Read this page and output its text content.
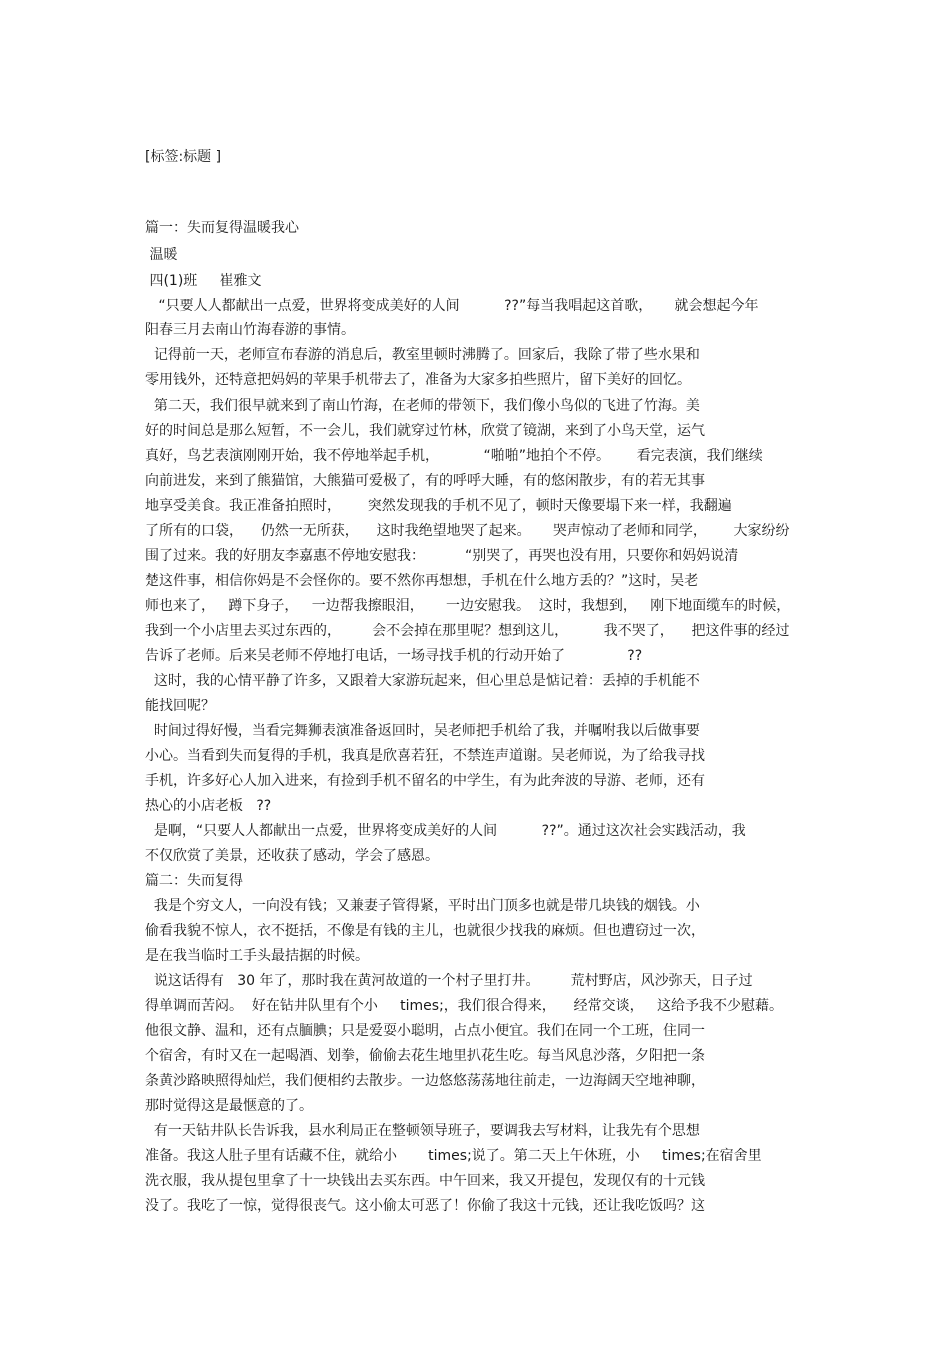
[标签:标题 ]

篇一：失而复得温暖我心

温暖

四(1)班     崔雅文

“只要人人都献出一点爱，世界将变成美好的人间          ??”每当我唱起这首歌，     就会想起今年

阳春三月去南山竹海春游的事情。

记得前一天，老师宣布春游的消息后，教室里顿时沸腾了。回家后，我除了带了些水果和

零用钱外，还特意把妈妈的苹果手机带去了，准备为大家多拍些照片，留下美好的回忆。

第二天，我们很早就来到了南山竹海，在老师的带领下，我们像小鸟似的飞进了竹海。美

好的时间总是那么短暂，不一会儿，我们就穿过竹林，欣赏了镜湖，来到了小鸟天堂，运气

真好，鸟艺表演刚刚开始，我不停地举起手机，          “啪啪”地拍个不停。      看完表演，我们继续

向前进发，来到了熊猫馆，大熊猫可爱极了，有的呼呼大睡，有的悠闲散步，有的若无其事

地享受美食。我正准备拍照时，      突然发现我的手机不见了，顿时天像要塌下来一样，我翻遍

了所有的口袋，    仍然一无所获，    这时我绝望地哭了起来。     哭声惊动了老师和同学，      大家纷纷

围了过来。我的好朋友李嘉惠不停地安慰我：         “别哭了，再哭也没有用，只要你和妈妈说清

楚这件事，相信你妈是不会怪你的。要不然你再想想，手机在什么地方丢的？”这时，吴老

师也来了，   蹲下身子，   一边帮我擦眼泪，     一边安慰我。  这时，我想到，   刚下地面缆车的时候，

我到一个小店里去买过东西的，       会不会掉在那里呢？想到这儿，        我不哭了，    把这件事的经过

告诉了老师。后来吴老师不停地打电话，一场寻找手机的行动开始了              ??

这时，我的心情平静了许多，又跟着大家游玩起来，但心里总是惦记着：丢掉的手机能不

能找回呢？

时间过得好慢，当看完舞狮表演准备返回时，吴老师把手机给了我，并嘱咐我以后做事要

小心。当看到失而复得的手机，我真是欣喜若狂，不禁连声道谢。吴老师说，为了给我寻找

手机，许多好心人加入进来，有捡到手机不留名的中学生，有为此奔波的导游、老师，还有

热心的小店老板   ??

是啊，“只要人人都献出一点爱，世界将变成美好的人间          ??”。通过这次社会实践活动，我

不仅欣赏了美景，还收获了感动，学会了感恩。

篇二：失而复得

我是个穷文人，一向没有钱；又兼妻子管得紧，平时出门顶多也就是带几块钱的烟钱。小

偷看我貌不惊人，衣不挺括，不像是有钱的主儿，也就很少找我的麻烦。但也遭窃过一次，

是在我当临时工手头最拮据的时候。

说这话得有   30 年了，那时我在黄河故道的一个村子里打井。       荒村野店，风沙弥天，日子过

得单调而苦闷。  好在钻井队里有个小     times;，我们很合得来，    经常交谈，   这给予我不少慰藉。

他很文静、温和，还有点腼腆；只是爱耍小聪明，占点小便宜。我们在同一个工班，住同一

个宿舍，有时又在一起喝酒、划拳，偷偷去花生地里扒花生吃。每当风息沙落，夕阳把一条

条黄沙路映照得灿烂，我们便相约去散步。一边悠悠荡荡地往前走，一边海阔天空地神聊，

那时觉得这是最惬意的了。

有一天钻井队长告诉我，县水利局正在整顿领导班子，要调我去写材料，让我先有个思想

准备。我这人肚子里有话藏不住，就给小       times;说了。第二天上午休班，小     times;在宿舍里

洗衣服，我从提包里拿了十一块钱出去买东西。中午回来，我又开提包，发现仅有的十元钱

没了。我吃了一惊，觉得很丧气。这小偷太可恶了！你偷了我这十元钱，还让我吃饭吗？这
